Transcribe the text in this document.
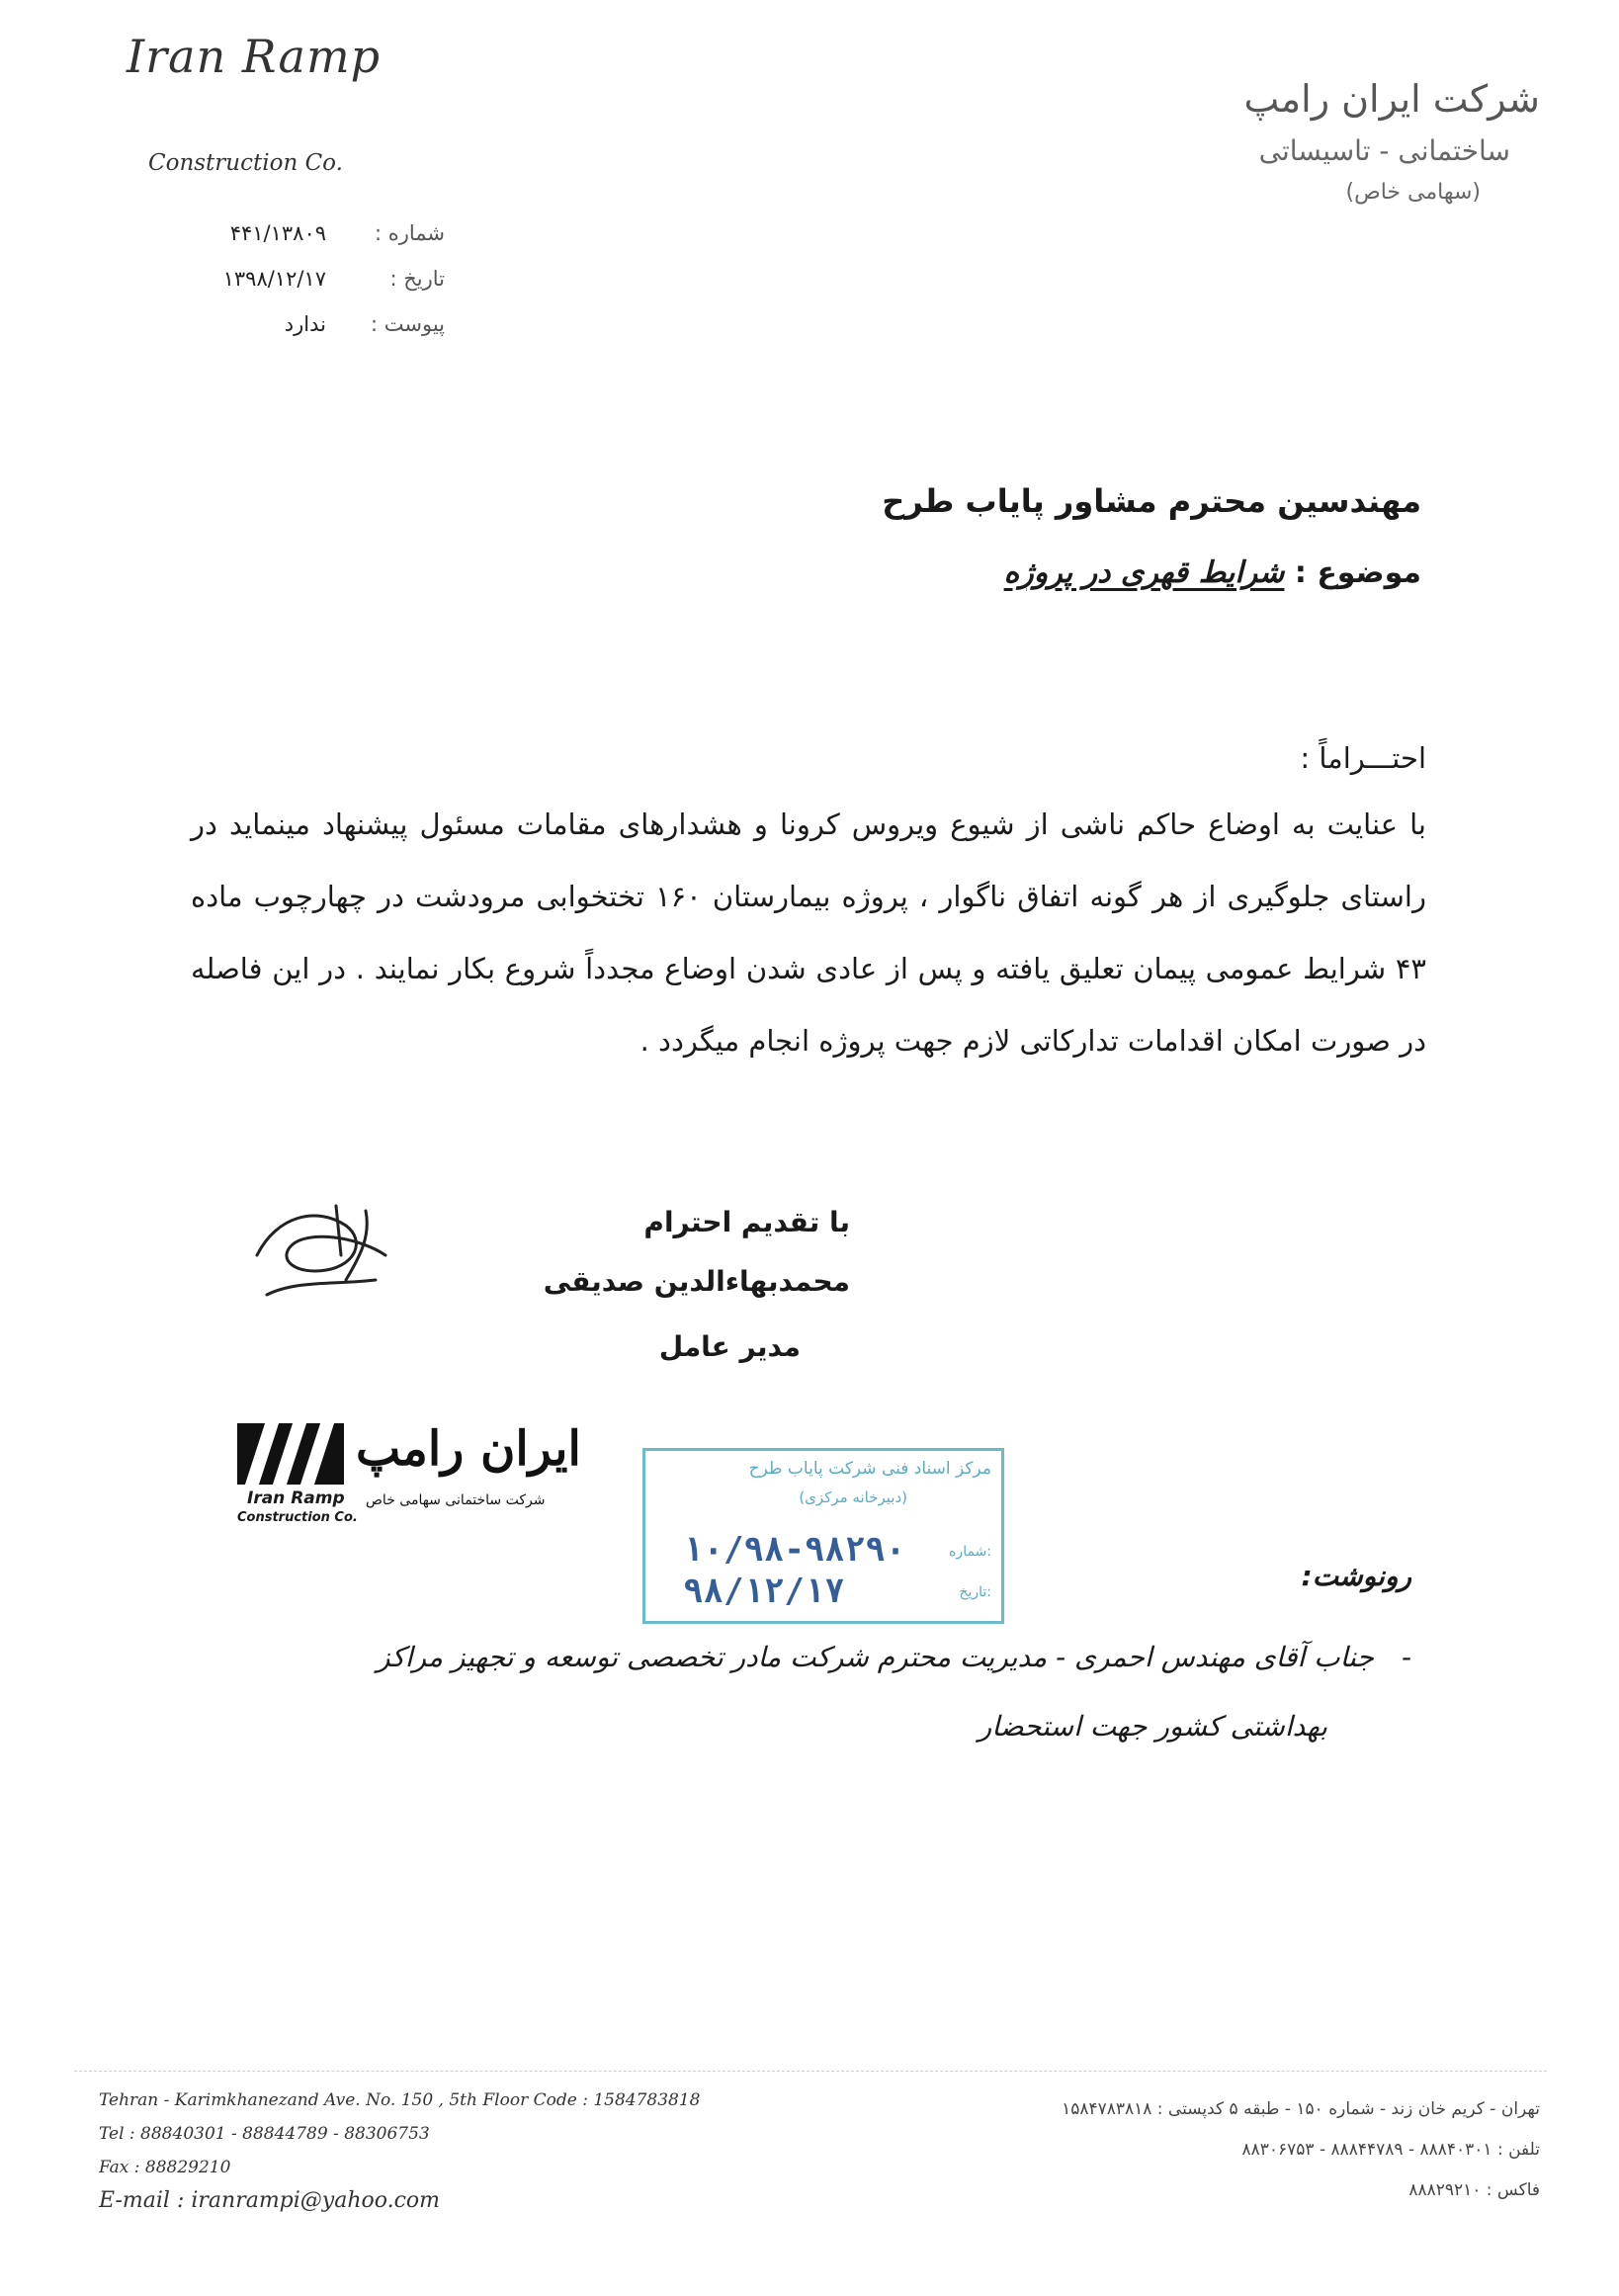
Iran Ramp
Construction Co.
شماره :
۴۴۱/۱۳۸۰۹
تاریخ :
۱۳۹۸/۱۲/۱۷
پیوست :
ندارد
شرکت ایران رامپ
ساختمانی - تاسیساتی
(سهامی خاص)
مهندسین محترم مشاور پایاب طرح
موضوع : شرایط قهری در پروژه
احتـــراماً :
با عنایت به اوضاع حاکم ناشی از شیوع ویروس کرونا و هشدارهای مقامات مسئول پیشنهاد مینماید در راستای جلوگیری از هر گونه اتفاق ناگوار ، پروژه بیمارستان ۱۶۰ تختخوابی مرودشت در چهارچوب ماده ۴۳ شرایط عمومی پیمان تعلیق یافته و پس از عادی شدن اوضاع مجدداً شروع بکار نمایند . در این فاصله در صورت امکان اقدامات تدارکاتی لازم جهت پروژه انجام میگردد .
با تقدیم احترام
محمدبهاءالدین صدیقی
مدیر عامل
ایران رامپ
Iran Ramp
Construction Co.
شرکت ساختمانی سهامی خاص
مرکز اسناد فنی شرکت پایاب طرح
(دبیرخانه مرکزی)
شماره:
تاریخ:
۱۰/۹۸-۹۸۲۹۰
۹۸/۱۲/۱۷	رونوشت:
-جناب آقای مهندس احمری - مدیریت محترم شرکت مادر تخصصی توسعه و تجهیز مراکز
بهداشتی کشور جهت استحضار
Tehran - Karimkhanezand Ave. No. 150 , 5th Floor Code : 1584783818
Tel : 88840301 - 88844789 - 88306753
Fax : 88829210
E-mail : iranrampi@yahoo.com
تهران - کریم خان زند - شماره ۱۵۰ - طبقه ۵ کدپستی : ۱۵۸۴۷۸۳۸۱۸
تلفن : ۸۸۸۴۰۳۰۱ - ۸۸۸۴۴۷۸۹ - ۸۸۳۰۶۷۵۳
فاکس : ۸۸۸۲۹۲۱۰
